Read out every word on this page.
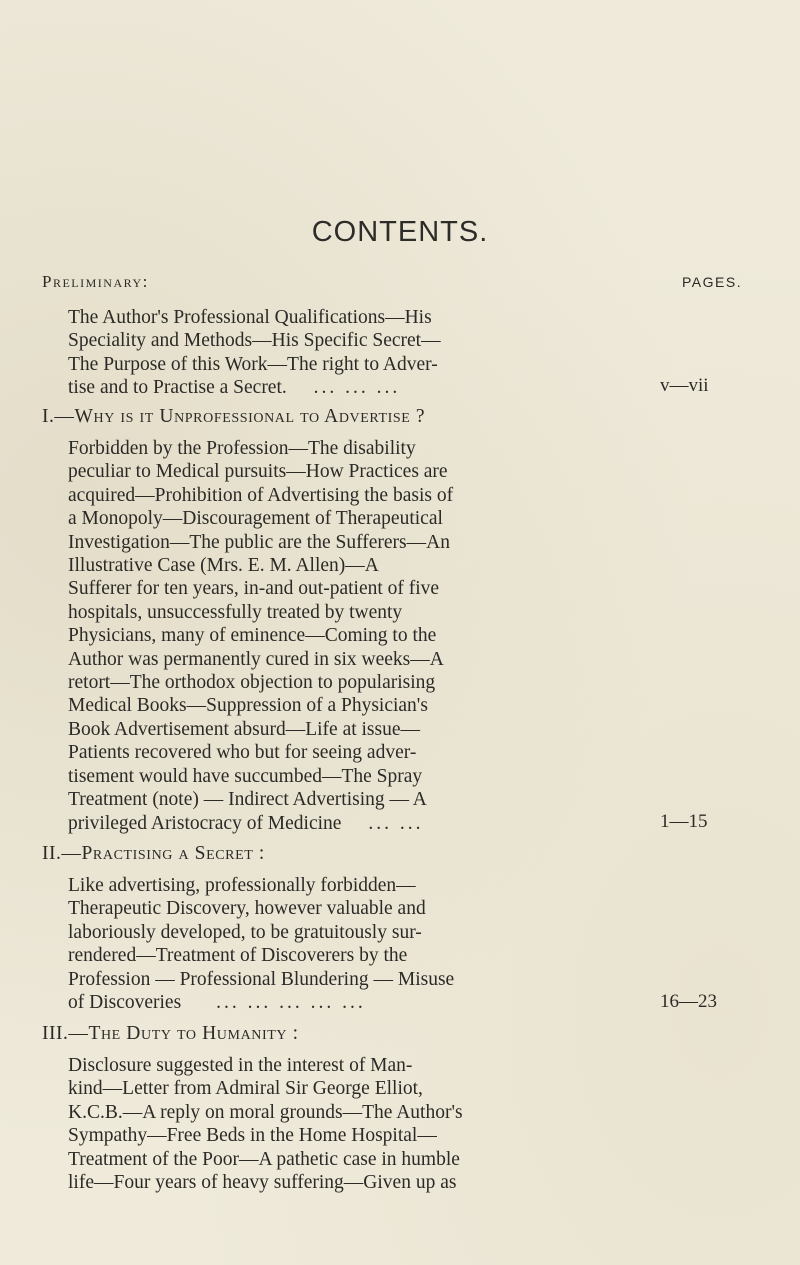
CONTENTS.
Preliminary:	PAGES.

The Author's Professional Qualifications—His

Speciality and Methods—His Specific Secret—

The Purpose of this Work—The right to Adver-

tise and to Practise a Secret. ... ... ...	v—vii
I.—Why is it Unprofessional to Advertise ?

Forbidden by the Profession—The disability

peculiar to Medical pursuits—How Practices are

acquired—Prohibition of Advertising the basis of

a Monopoly—Discouragement of Therapeutical

Investigation—The public are the Sufferers—An

Illustrative Case (Mrs. E. M. Allen)—A

Sufferer for ten years, in-and out-patient of five

hospitals, unsuccessfully treated by twenty

Physicians, many of eminence—Coming to the

Author was permanently cured in six weeks—A

retort—The orthodox objection to popularising

Medical Books—Suppression of a Physician's

Book Advertisement absurd—Life at issue—

Patients recovered who but for seeing adver-

tisement would have succumbed—The Spray

Treatment (note) — Indirect Advertising — A

privileged Aristocracy of Medicine ... ...	1—15
II.—Practising a Secret :

Like advertising, professionally forbidden—

Therapeutic Discovery, however valuable and

laboriously developed, to be gratuitously sur-

rendered—Treatment of Discoverers by the

Profession — Professional Blundering — Misuse

of Discoveries ... ... ... ... ...	16—23
III.—The Duty to Humanity :

Disclosure suggested in the interest of Man-

kind—Letter from Admiral Sir George Elliot,

K.C.B.—A reply on moral grounds—The Author's

Sympathy—Free Beds in the Home Hospital—

Treatment of the Poor—A pathetic case in humble

life—Four years of heavy suffering—Given up as
